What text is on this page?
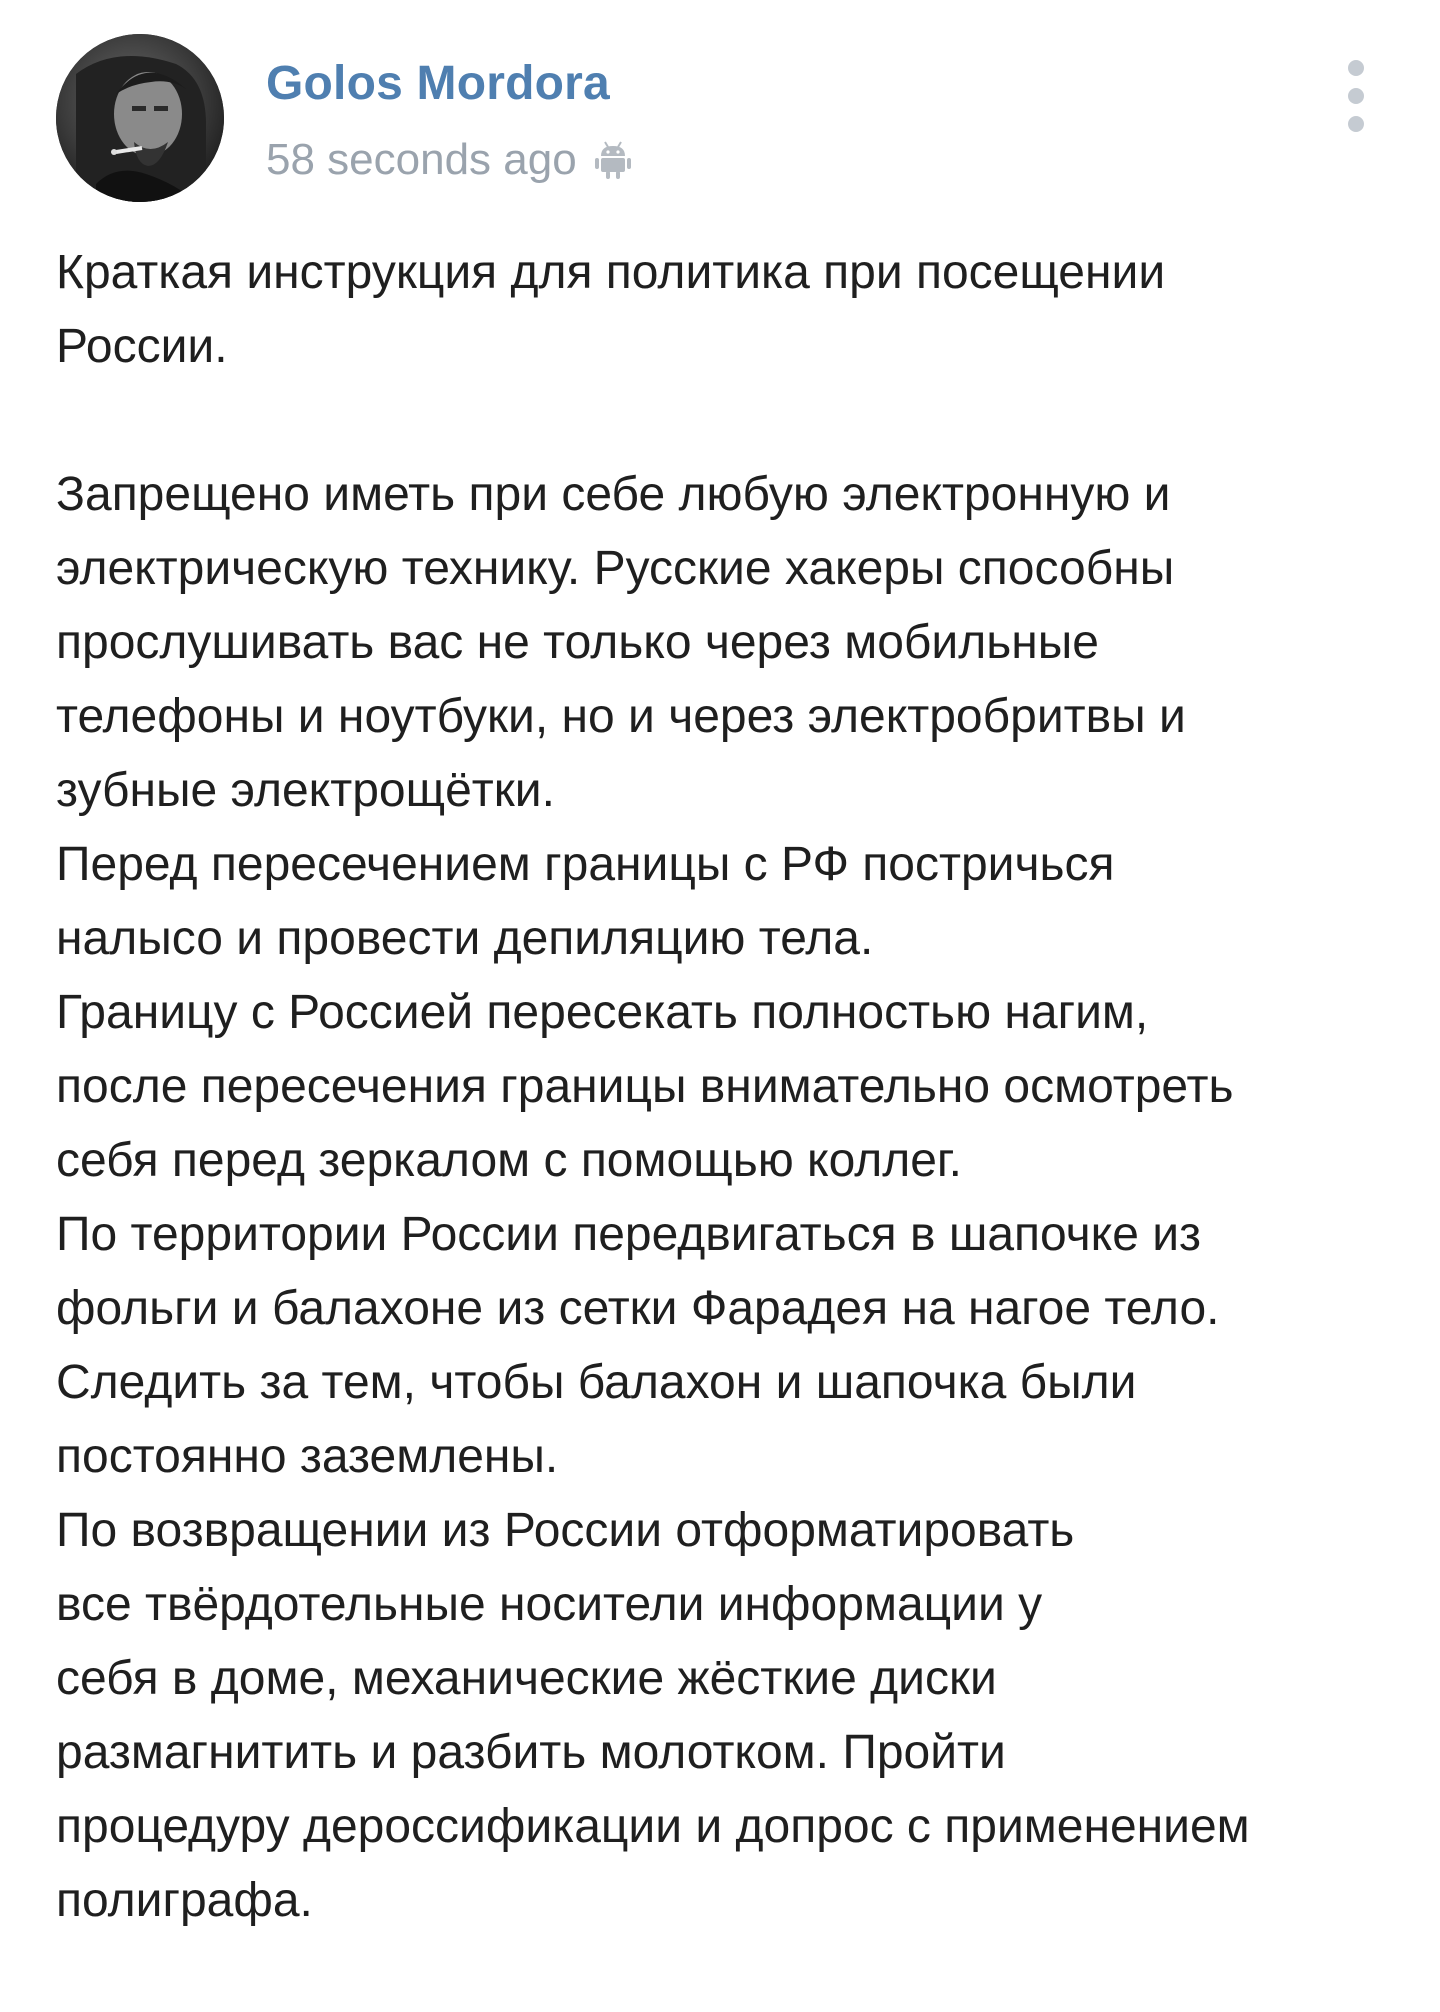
Golos Mordora
58 seconds ago

Краткая инструкция для политика при посещении

России.

Запрещено иметь при себе любую электронную и

электрическую технику. Русские хакеры способны

прослушивать вас не только через мобильные

телефоны и ноутбуки, но и через электробритвы и

зубные электрощётки.

Перед пересечением границы с РФ постричься

налысо и провести депиляцию тела.

Границу с Россией пересекать полностью нагим,

после пересечения границы внимательно осмотреть

себя перед зеркалом с помощью коллег.

По территории России передвигаться в шапочке из

фольги и балахоне из сетки Фарадея на нагое тело.

Следить за тем, чтобы балахон и шапочка были

постоянно заземлены.

По возвращении из России отформатировать

все твёрдотельные носители информации у

себя в доме, механические жёсткие диски

размагнитить и разбить молотком. Пройти

процедуру дероссификации и допрос с применением

полиграфа.
